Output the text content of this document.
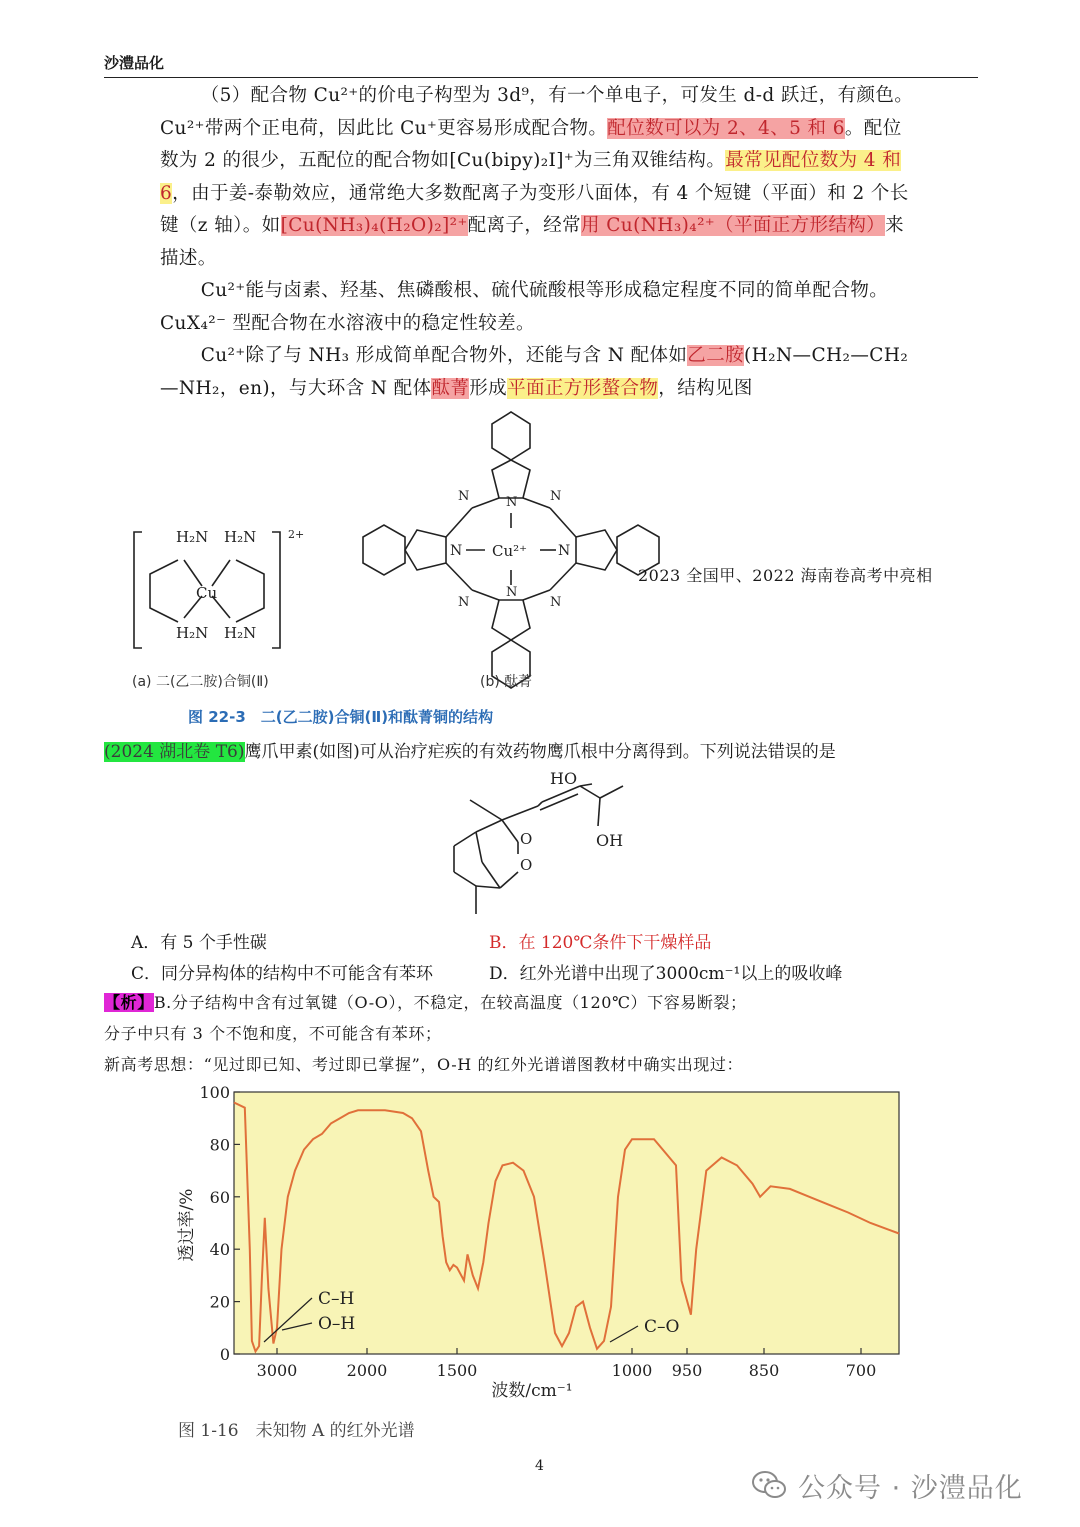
沙澧品化

（5）配合物 Cu²⁺的价电子构型为 3d⁹，有一个单电子，可发生 d-d 跃迁，有颜色。Cu²⁺带两个正电荷，因此比 Cu⁺更容易形成配合物。配位数可以为 2、4、5 和 6。配位数为 2 的很少，五配位的配合物如[Cu(bipy)₂I]⁺为三角双锥结构。最常见配位数为 4 和 6，由于姜-泰勒效应，通常绝大多数配离子为变形八面体，有 4 个短键（平面）和 2 个长键（z 轴）。如[Cu(NH₃)₄(H₂O)₂]²⁺配离子，经常用 Cu(NH₃)₄²⁺（平面正方形结构）来描述。

Cu²⁺能与卤素、羟基、焦磷酸根、硫代硫酸根等形成稳定程度不同的简单配合物。CuX₄²⁻ 型配合物在水溶液中的稳定性较差。

Cu²⁺除了与 NH₃ 形成简单配合物外，还能与含 N 配体如乙二胺(H₂N—CH₂—CH₂—NH₂，en)，与大环含 N 配体酞菁形成平面正方形螯合物，结构见图

2+
H₂N H₂N
H₂N H₂N
Cu
N	N
N	N
N
N
N	N
Cu²⁺
(a) 二(乙二胺)合铜(Ⅱ)	(b) 酞菁
图 22-3　二(乙二胺)合铜(Ⅱ)和酞菁铜的结构
2023 全国甲、2022 海南卷高考中亮相
(2024 湖北卷 T6)鹰爪甲素(如图)可从治疗疟疾的有效药物鹰爪根中分离得到。下列说法错误的是
HO
OH
O
O
A．有 5 个手性碳	B．在 120℃条件下干燥样品
C．同分异构体的结构中不可能含有苯环	D．红外光谱中出现了3000cm⁻¹以上的吸收峰
【析】B.分子结构中含有过氧键（O-O），不稳定，在较高温度（120℃）下容易断裂；
分子中只有 3 个不饱和度，不可能含有苯环；
新高考思想：“见过即已知、考过即已掌握”，O-H 的红外光谱谱图教材中确实出现过：
0
20
40
60
80
100
3000	2000	1500	1000 950	850	700
C–H
O–H	C–O
透过率/%
波数/cm⁻¹
图 1-16　未知物 A 的红外光谱
4
公众号 · 沙澧品化
